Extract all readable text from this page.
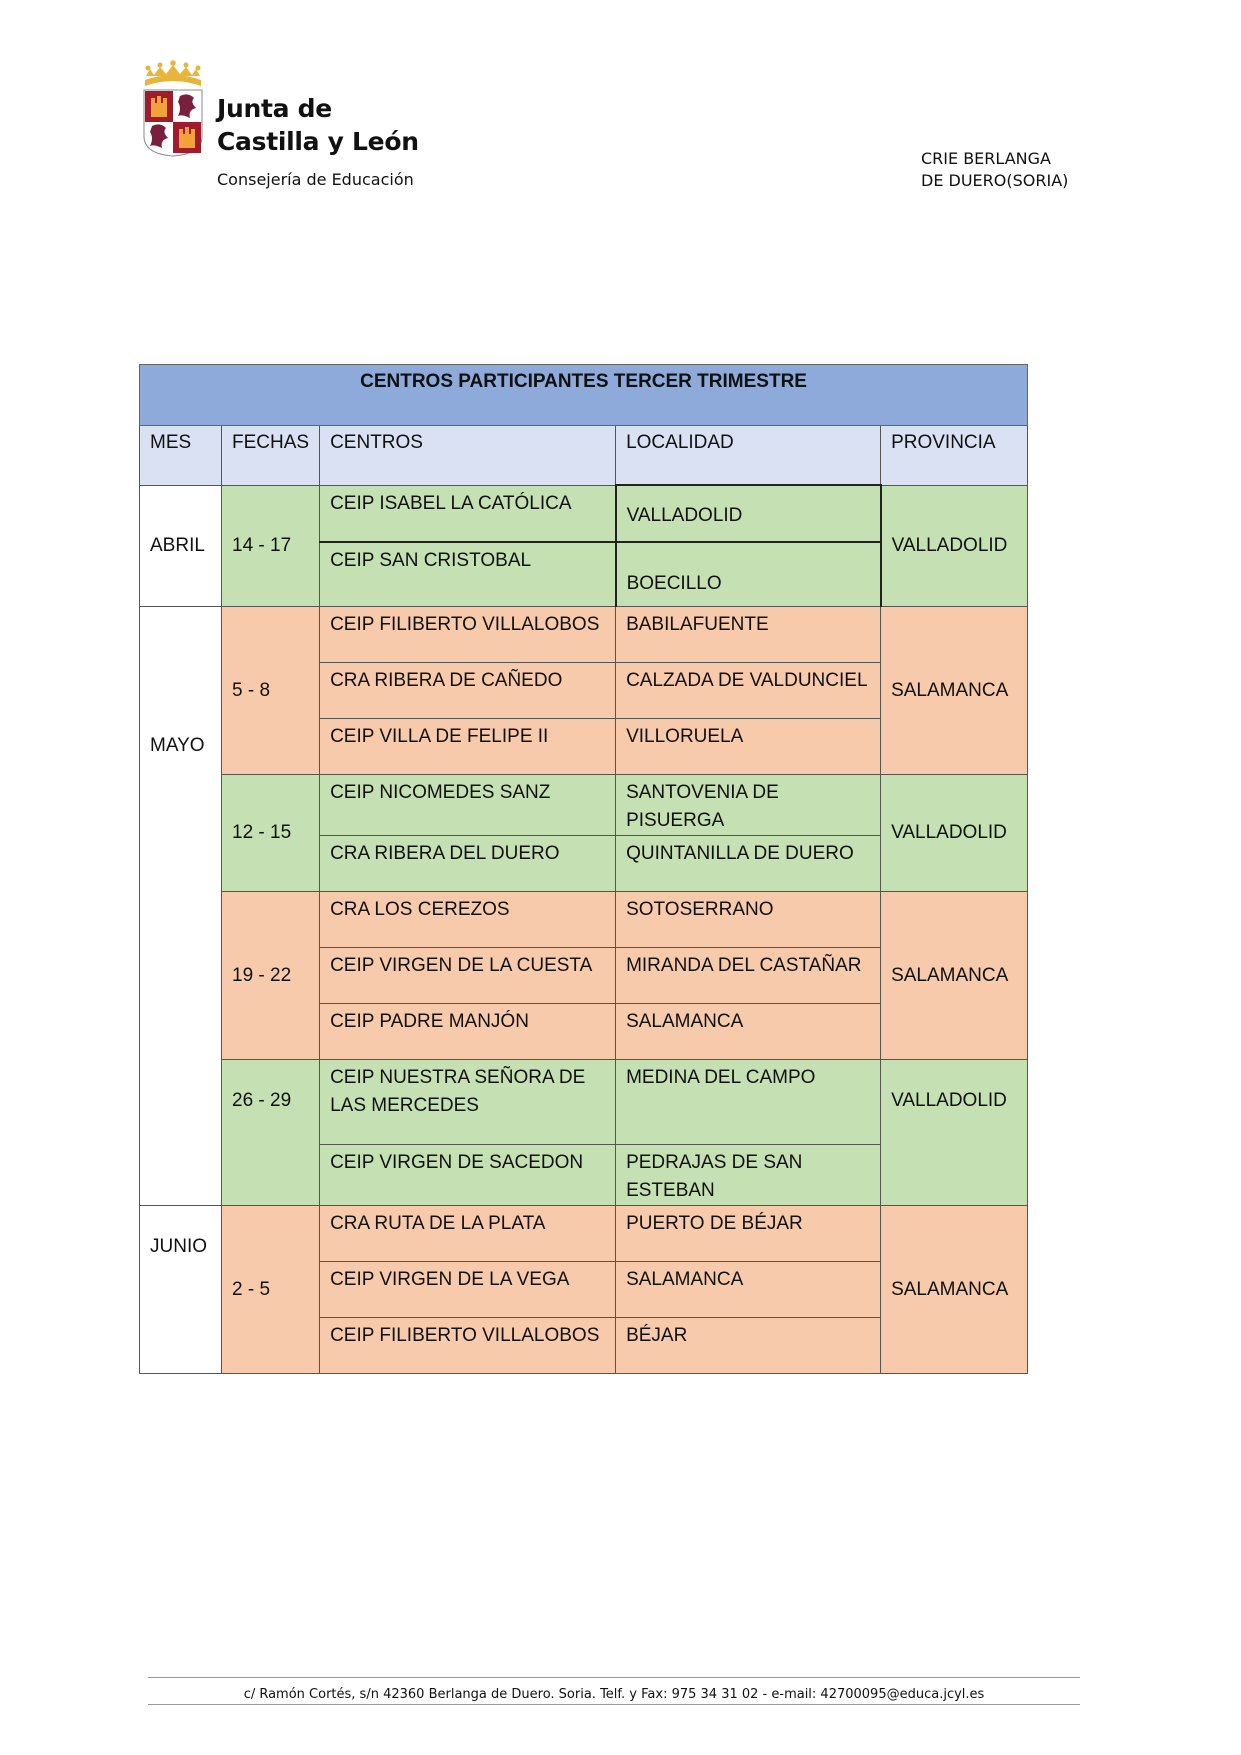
Junta de
Castilla y León
Consejería de Educación
CRIE BERLANGA
DE DUERO(SORIA)
CENTROS PARTICIPANTES TERCER TRIMESTRE				
MES	FECHAS	CENTROS	LOCALIDAD	PROVINCIA
ABRIL	14 - 17	CEIP ISABEL LA CATÓLICA	VALLADOLID	VALLADOLID
		CEIP SAN CRISTOBAL	BOECILLO	

MAYO	5 - 8	CEIP FILIBERTO VILLALOBOS	BABILAFUENTE	SALAMANCA
		CRA RIBERA DE CAÑEDO	CALZADA DE VALDUNCIEL	
		CEIP VILLA DE FELIPE II	VILLORUELA	
	12 - 15	CEIP NICOMEDES SANZ	SANTOVENIA DE PISUERGA	VALLADOLID
		CRA RIBERA DEL DUERO	QUINTANILLA DE DUERO	
	19 - 22	CRA LOS CEREZOS	SOTOSERRANO	SALAMANCA
		CEIP VIRGEN DE LA CUESTA	MIRANDA DEL CASTAÑAR	
		CEIP PADRE MANJÓN	SALAMANCA	
	26 - 29	CEIP NUESTRA SEÑORA DE LAS MERCEDES	MEDINA DEL CAMPO	VALLADOLID
		CEIP VIRGEN DE SACEDON	PEDRAJAS DE SAN ESTEBAN	
JUNIO	2 - 5	CRA RUTA DE LA PLATA	PUERTO DE BÉJAR	SALAMANCA
		CEIP VIRGEN DE LA VEGA	SALAMANCA	
		CEIP FILIBERTO VILLALOBOS	BÉJAR	
c/ Ramón Cortés, s/n 42360 Berlanga de Duero. Soria. Telf. y Fax: 975 34 31 02 - e-mail: 42700095@educa.jcyl.es
